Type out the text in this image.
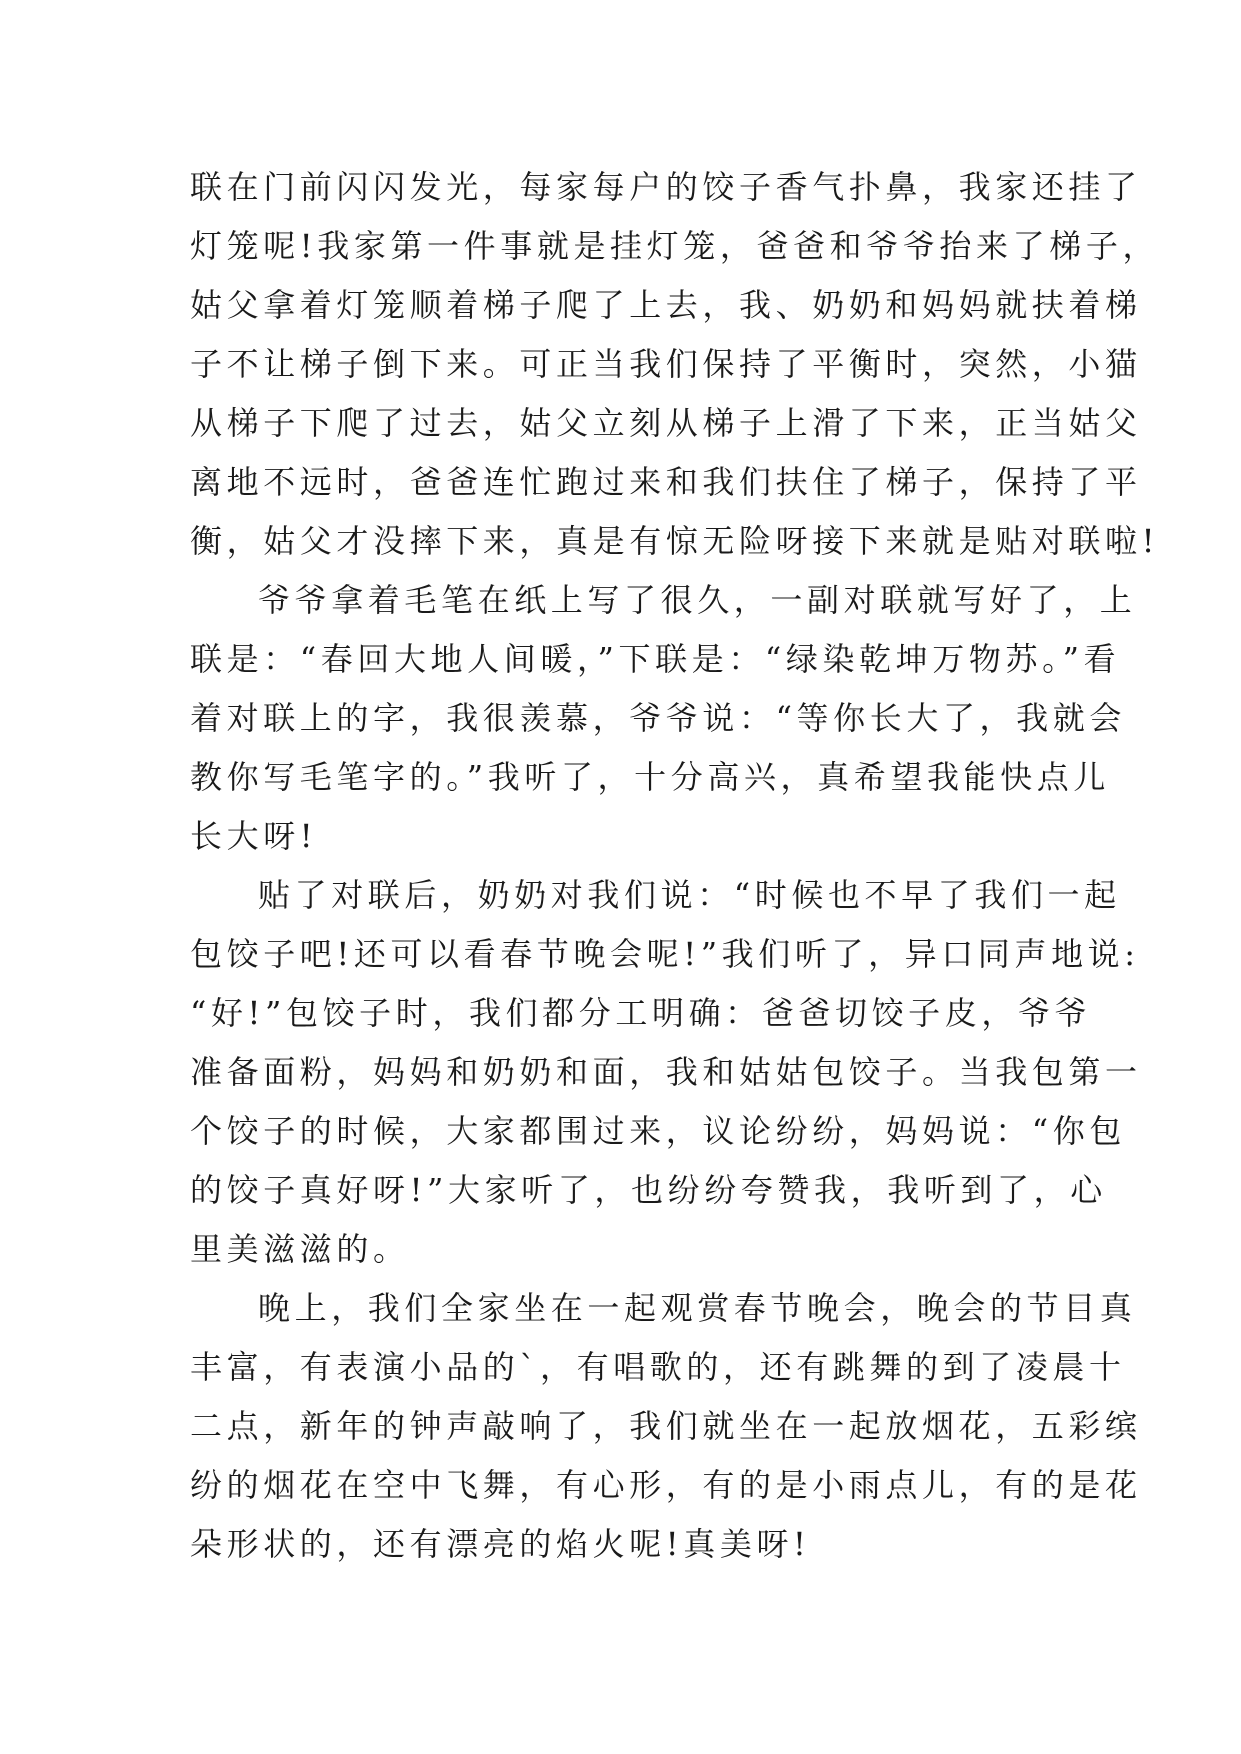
联在门前闪闪发光，每家每户的饺子香气扑鼻，我家还挂了
灯笼呢!我家第一件事就是挂灯笼，爸爸和爷爷抬来了梯子，
姑父拿着灯笼顺着梯子爬了上去，我、奶奶和妈妈就扶着梯
子不让梯子倒下来。可正当我们保持了平衡时，突然，小猫
从梯子下爬了过去，姑父立刻从梯子上滑了下来，正当姑父
离地不远时，爸爸连忙跑过来和我们扶住了梯子，保持了平
衡，姑父才没摔下来，真是有惊无险呀接下来就是贴对联啦!
爷爷拿着毛笔在纸上写了很久，一副对联就写好了，上
联是：“春回大地人间暖，”下联是：“绿染乾坤万物苏。”看
着对联上的字，我很羡慕，爷爷说：“等你长大了，我就会
教你写毛笔字的。”我听了，十分高兴，真希望我能快点儿
长大呀!
贴了对联后，奶奶对我们说：“时候也不早了我们一起
包饺子吧!还可以看春节晚会呢!”我们听了，异口同声地说:
“好!”包饺子时，我们都分工明确：爸爸切饺子皮，爷爷
准备面粉，妈妈和奶奶和面，我和姑姑包饺子。当我包第一
个饺子的时候，大家都围过来，议论纷纷，妈妈说：“你包
的饺子真好呀!”大家听了，也纷纷夸赞我，我听到了，心
里美滋滋的。
晚上，我们全家坐在一起观赏春节晚会，晚会的节目真
丰富，有表演小品的`，有唱歌的，还有跳舞的到了凌晨十
二点，新年的钟声敲响了，我们就坐在一起放烟花，五彩缤
纷的烟花在空中飞舞，有心形，有的是小雨点儿，有的是花
朵形状的，还有漂亮的焰火呢!真美呀!
